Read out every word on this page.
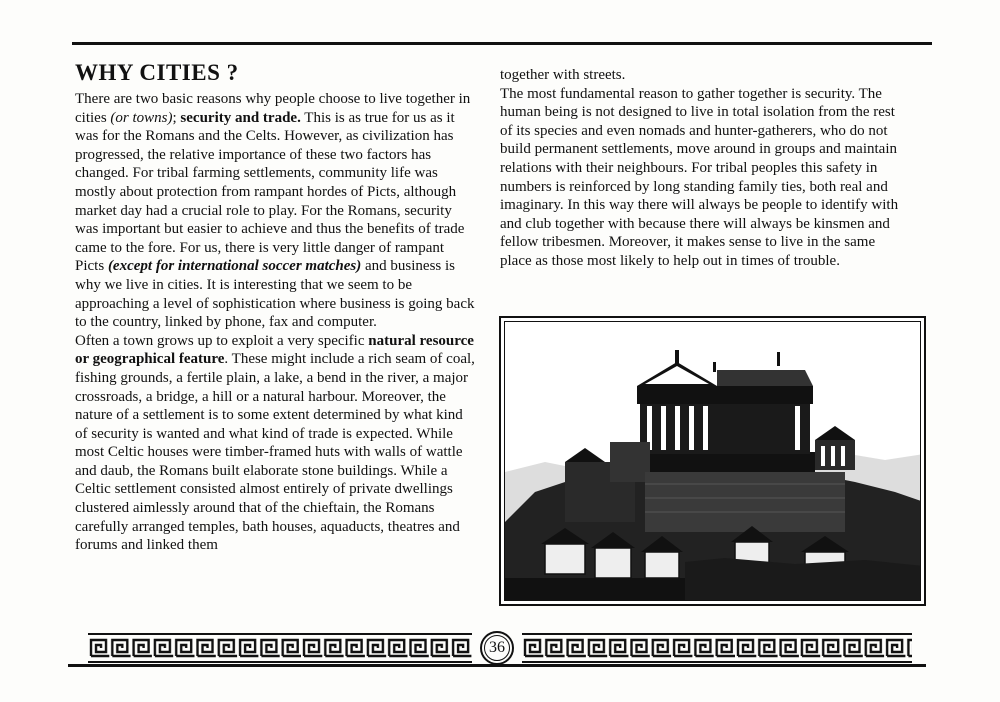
WHY CITIES ?

There are two basic reasons why people choose to live together in cities (or towns); security and trade. This is as true for us as it was for the Romans and the Celts. However, as civilization has progressed, the relative importance of these two factors has changed. For tribal farming settlements, community life was mostly about protection from rampant hordes of Picts, although market day had a crucial role to play. For the Romans, security was important but easier to achieve and thus the benefits of trade came to the fore. For us, there is very little danger of rampant Picts (except for international soccer matches) and business is why we live in cities. It is interesting that we seem to be approaching a level of sophistication where business is going back to the country, linked by phone, fax and computer.

Often a town grows up to exploit a very specific natural resource or geographical feature. These might include a rich seam of coal, fishing grounds, a fertile plain, a lake, a bend in the river, a major crossroads, a bridge, a hill or a natural harbour. Moreover, the nature of a settlement is to some extent determined by what kind of security is wanted and what kind of trade is expected. While most Celtic houses were timber-framed huts with walls of wattle and daub, the Romans built elaborate stone buildings. While a Celtic settlement consisted almost entirely of private dwellings clustered aimlessly around that of the chieftain, the Romans carefully arranged temples, bath houses, aquaducts, theatres and forums and linked them

together with streets.

The most fundamental reason to gather together is security. The human being is not designed to live in total isolation from the rest of its species and even nomads and hunter-gatherers, who do not build permanent settlements, move around in groups and maintain relations with their neighbours. For tribal peoples this safety in numbers is reinforced by long standing family ties, both real and imaginary. In this way there will always be people to identify with and club together with because there will always be kinsmen and fellow tribesmen. Moreover, it makes sense to live in the same place as those most likely to help out in times of trouble.

36
